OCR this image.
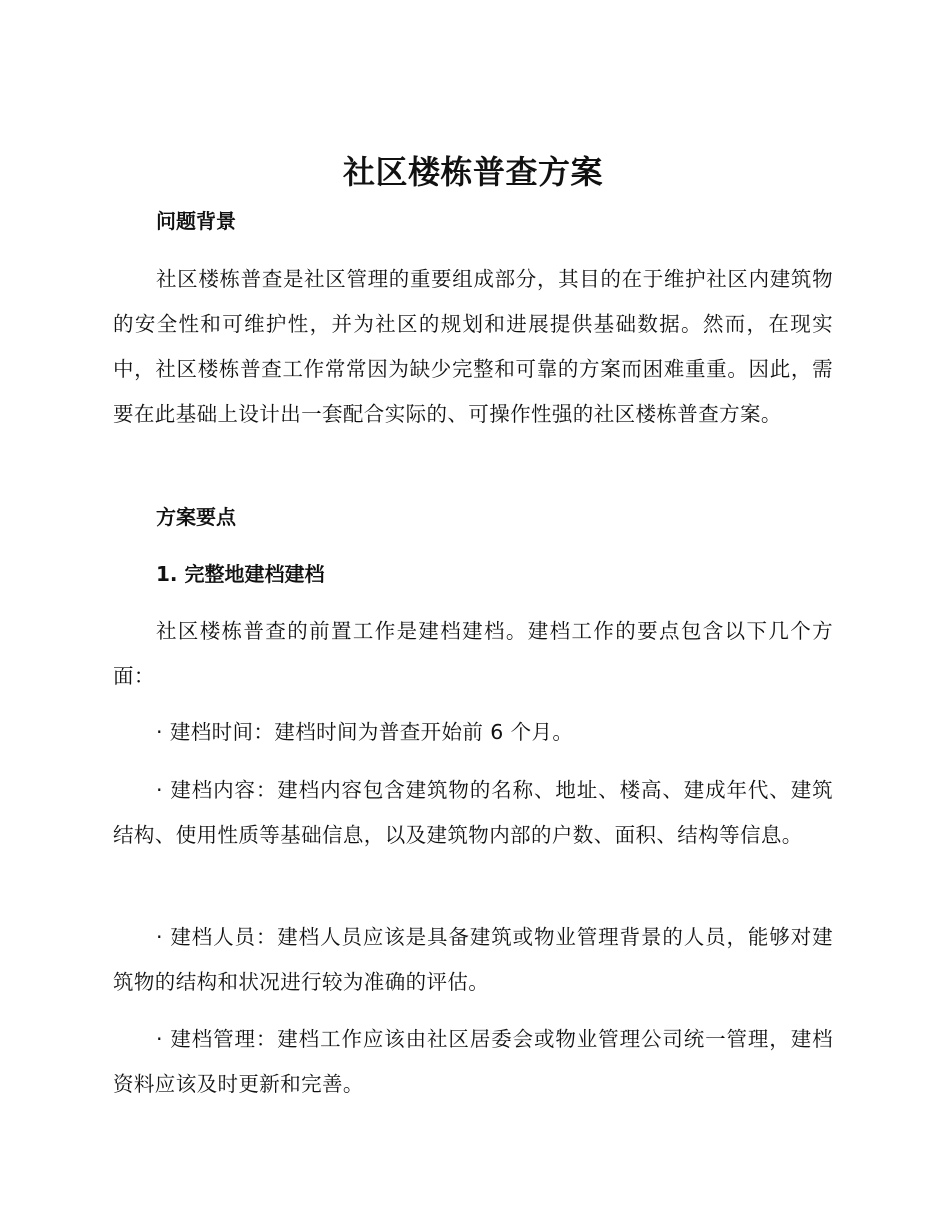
社区楼栋普查方案
问题背景
社区楼栋普查是社区管理的重要组成部分，其目的在于维护社区内建筑物的安全性和可维护性，并为社区的规划和进展提供基础数据。然而，在现实中，社区楼栋普查工作常常因为缺少完整和可靠的方案而困难重重。因此，需要在此基础上设计出一套配合实际的、可操作性强的社区楼栋普查方案。
方案要点
1. 完整地建档建档
社区楼栋普查的前置工作是建档建档。建档工作的要点包含以下几个方面：
· 建档时间：建档时间为普查开始前 6 个月。
· 建档内容：建档内容包含建筑物的名称、地址、楼高、建成年代、建筑结构、使用性质等基础信息，以及建筑物内部的户数、面积、结构等信息。
· 建档人员：建档人员应该是具备建筑或物业管理背景的人员，能够对建筑物的结构和状况进行较为准确的评估。
· 建档管理：建档工作应该由社区居委会或物业管理公司统一管理，建档资料应该及时更新和完善。
